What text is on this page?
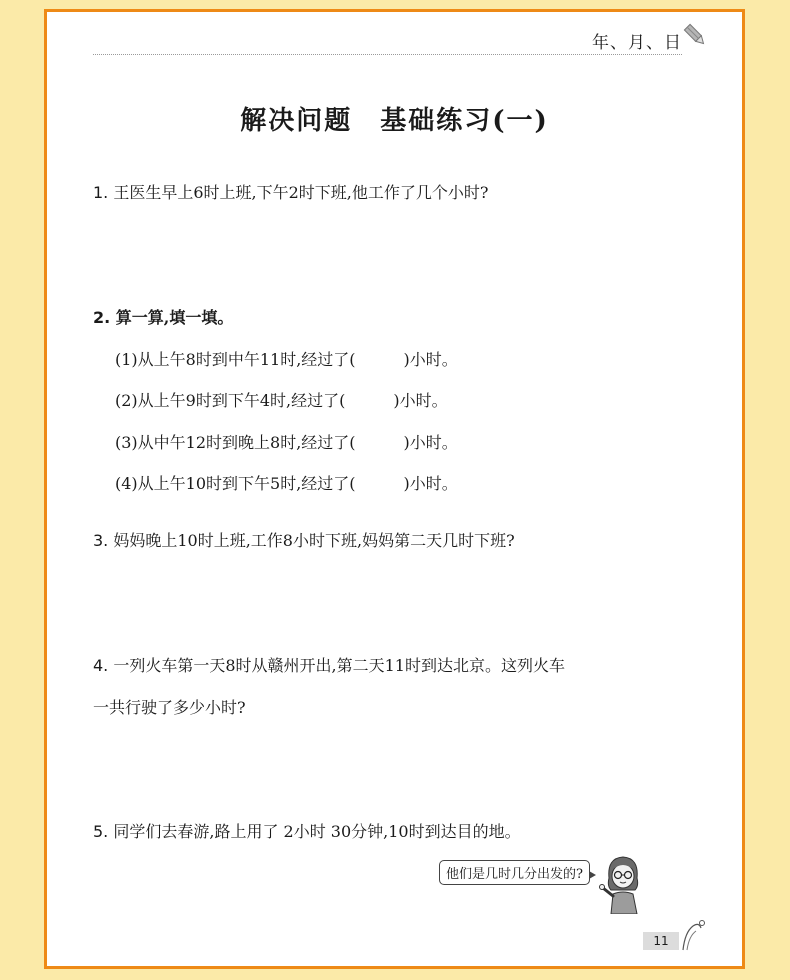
年、月、日
解决问题　基础练习(一)
1. 王医生早上6时上班,下午2时下班,他工作了几个小时?
2. 算一算,填一填。
(1)从上午8时到中午11时,经过了(	)小时。
(2)从上午9时到下午4时,经过了(	)小时。
(3)从中午12时到晚上8时,经过了(	)小时。
(4)从上午10时到下午5时,经过了(	)小时。
3. 妈妈晚上10时上班,工作8小时下班,妈妈第二天几时下班?
4. 一列火车第一天8时从赣州开出,第二天11时到达北京。这列火车
一共行驶了多少小时?
5. 同学们去春游,路上用了 2小时 30分钟,10时到达目的地。
他们是几时几分出发的?
11
